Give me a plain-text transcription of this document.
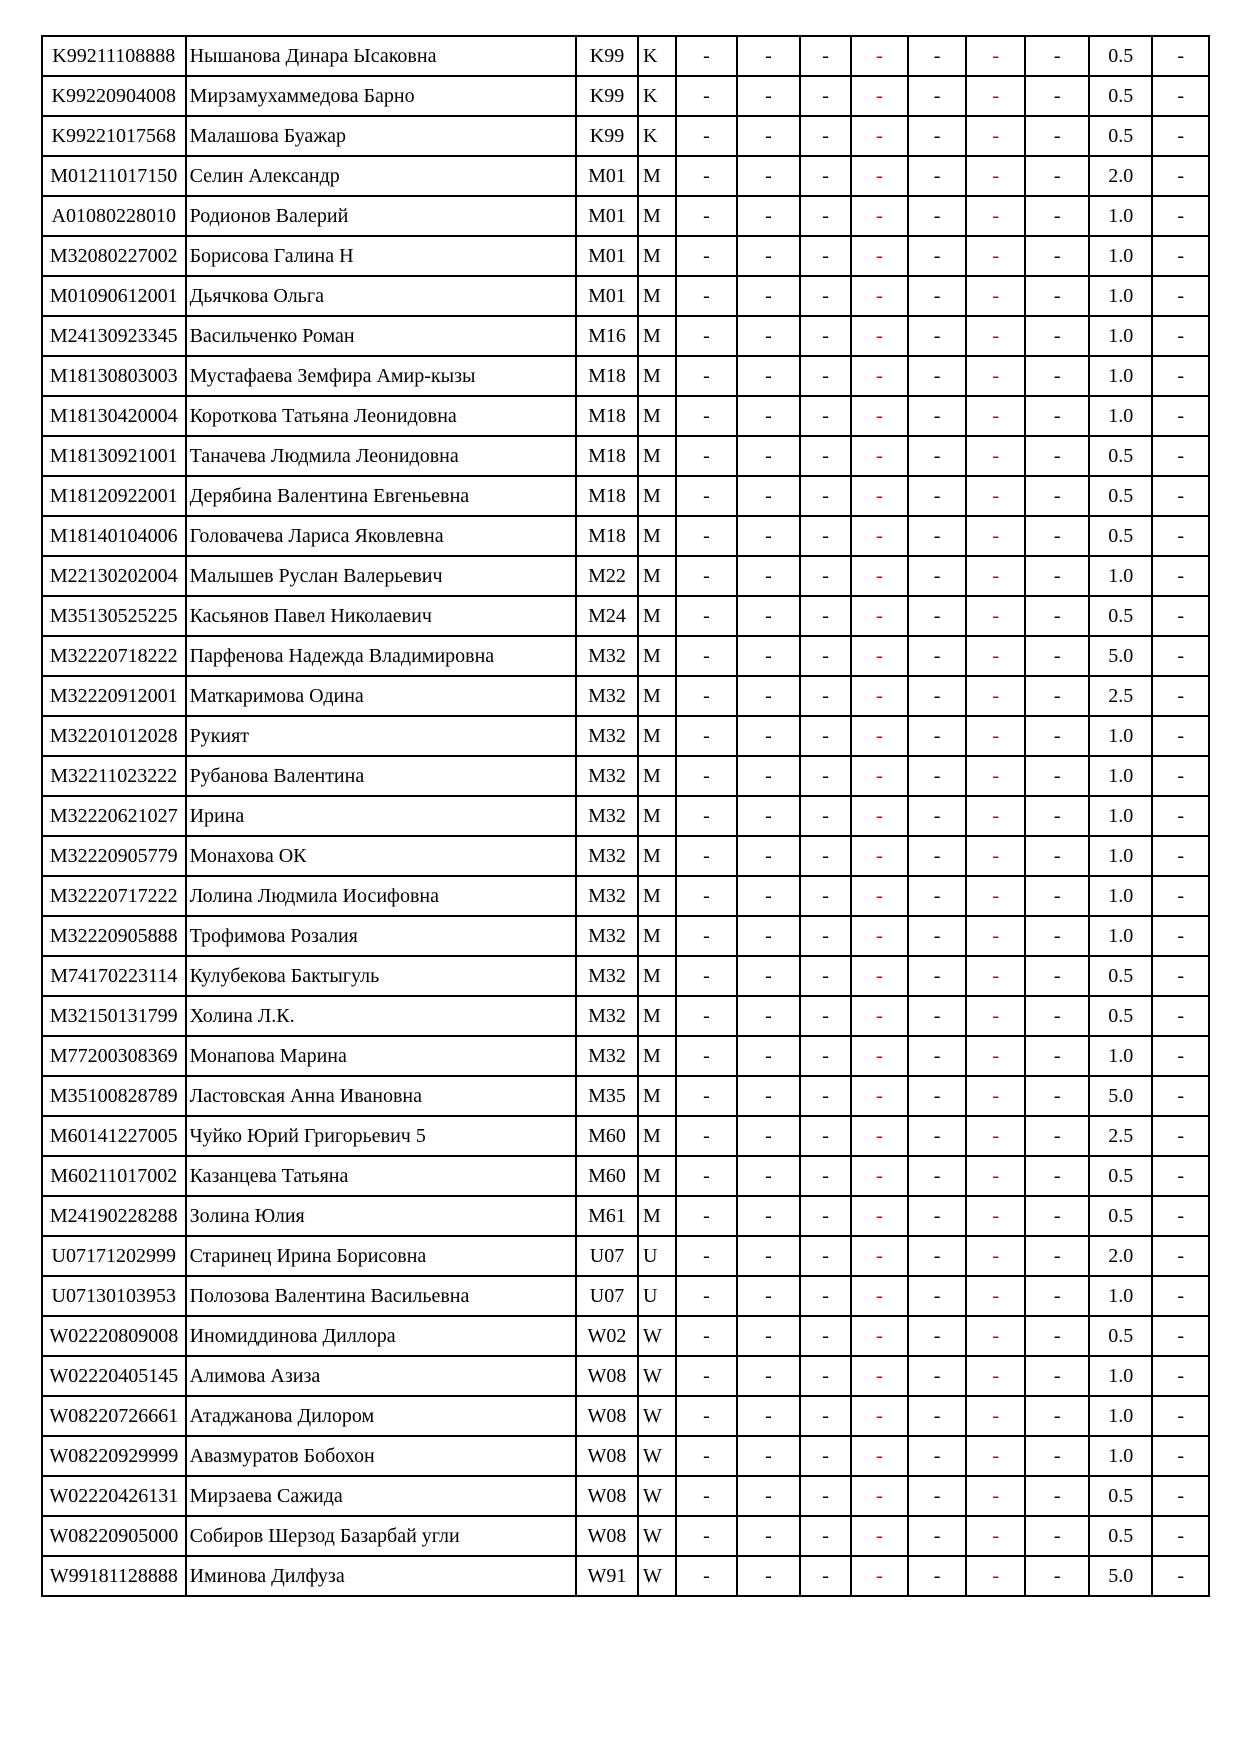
K99211108888	Нышанова Динара Ысаковна	K99	K	-	-	-	-	-	-	-	0.5	-
K99220904008	Мирзамухаммедова Барно	K99	K	-	-	-	-	-	-	-	0.5	-
K99221017568	Малашова Буажар	K99	K	-	-	-	-	-	-	-	0.5	-
M01211017150	Селин Александр	M01	M	-	-	-	-	-	-	-	2.0	-
A01080228010	Родионов Валерий	M01	M	-	-	-	-	-	-	-	1.0	-
M32080227002	Борисова Галина Н	M01	M	-	-	-	-	-	-	-	1.0	-
M01090612001	Дьячкова Ольга	M01	M	-	-	-	-	-	-	-	1.0	-
M24130923345	Васильченко Роман	M16	M	-	-	-	-	-	-	-	1.0	-
M18130803003	Мустафаева Земфира Амир-кызы	M18	M	-	-	-	-	-	-	-	1.0	-
M18130420004	Короткова Татьяна Леонидовна	M18	M	-	-	-	-	-	-	-	1.0	-
M18130921001	Таначева Людмила Леонидовна	M18	M	-	-	-	-	-	-	-	0.5	-
M18120922001	Дерябина Валентина Евгеньевна	M18	M	-	-	-	-	-	-	-	0.5	-
M18140104006	Головачева Лариса Яковлевна	M18	M	-	-	-	-	-	-	-	0.5	-
M22130202004	Малышев Руслан Валерьевич	M22	M	-	-	-	-	-	-	-	1.0	-
M35130525225	Касьянов Павел Николаевич	M24	M	-	-	-	-	-	-	-	0.5	-
M32220718222	Парфенова Надежда Владимировна	M32	M	-	-	-	-	-	-	-	5.0	-
M32220912001	Маткаримова Одина	M32	M	-	-	-	-	-	-	-	2.5	-
M32201012028	Рукият	M32	M	-	-	-	-	-	-	-	1.0	-
M32211023222	Рубанова Валентина	M32	M	-	-	-	-	-	-	-	1.0	-
M32220621027	Ирина	M32	M	-	-	-	-	-	-	-	1.0	-
M32220905779	Монахова ОК	M32	M	-	-	-	-	-	-	-	1.0	-
M32220717222	Лолина Людмила Иосифовна	M32	M	-	-	-	-	-	-	-	1.0	-
M32220905888	Трофимова Розалия	M32	M	-	-	-	-	-	-	-	1.0	-
M74170223114	Кулубекова Бактыгуль	M32	M	-	-	-	-	-	-	-	0.5	-
M32150131799	Холина Л.К.	M32	M	-	-	-	-	-	-	-	0.5	-
M77200308369	Монапова Марина	M32	M	-	-	-	-	-	-	-	1.0	-
M35100828789	Ластовская Анна Ивановна	M35	M	-	-	-	-	-	-	-	5.0	-
M60141227005	Чуйко Юрий Григорьевич 5	M60	M	-	-	-	-	-	-	-	2.5	-
M60211017002	Казанцева Татьяна	M60	M	-	-	-	-	-	-	-	0.5	-
M24190228288	Золина Юлия	M61	M	-	-	-	-	-	-	-	0.5	-
U07171202999	Старинец Ирина Борисовна	U07	U	-	-	-	-	-	-	-	2.0	-
U07130103953	Полозова Валентина Васильевна	U07	U	-	-	-	-	-	-	-	1.0	-
W02220809008	Иномиддинова Диллора	W02	W	-	-	-	-	-	-	-	0.5	-
W02220405145	Алимова Азиза	W08	W	-	-	-	-	-	-	-	1.0	-
W08220726661	Атаджанова Дилором	W08	W	-	-	-	-	-	-	-	1.0	-
W08220929999	Авазмуратов Бобохон	W08	W	-	-	-	-	-	-	-	1.0	-
W02220426131	Мирзаева Сажида	W08	W	-	-	-	-	-	-	-	0.5	-
W08220905000	Собиров Шерзод Базарбай угли	W08	W	-	-	-	-	-	-	-	0.5	-
W99181128888	Иминова Дилфуза	W91	W	-	-	-	-	-	-	-	5.0	-
